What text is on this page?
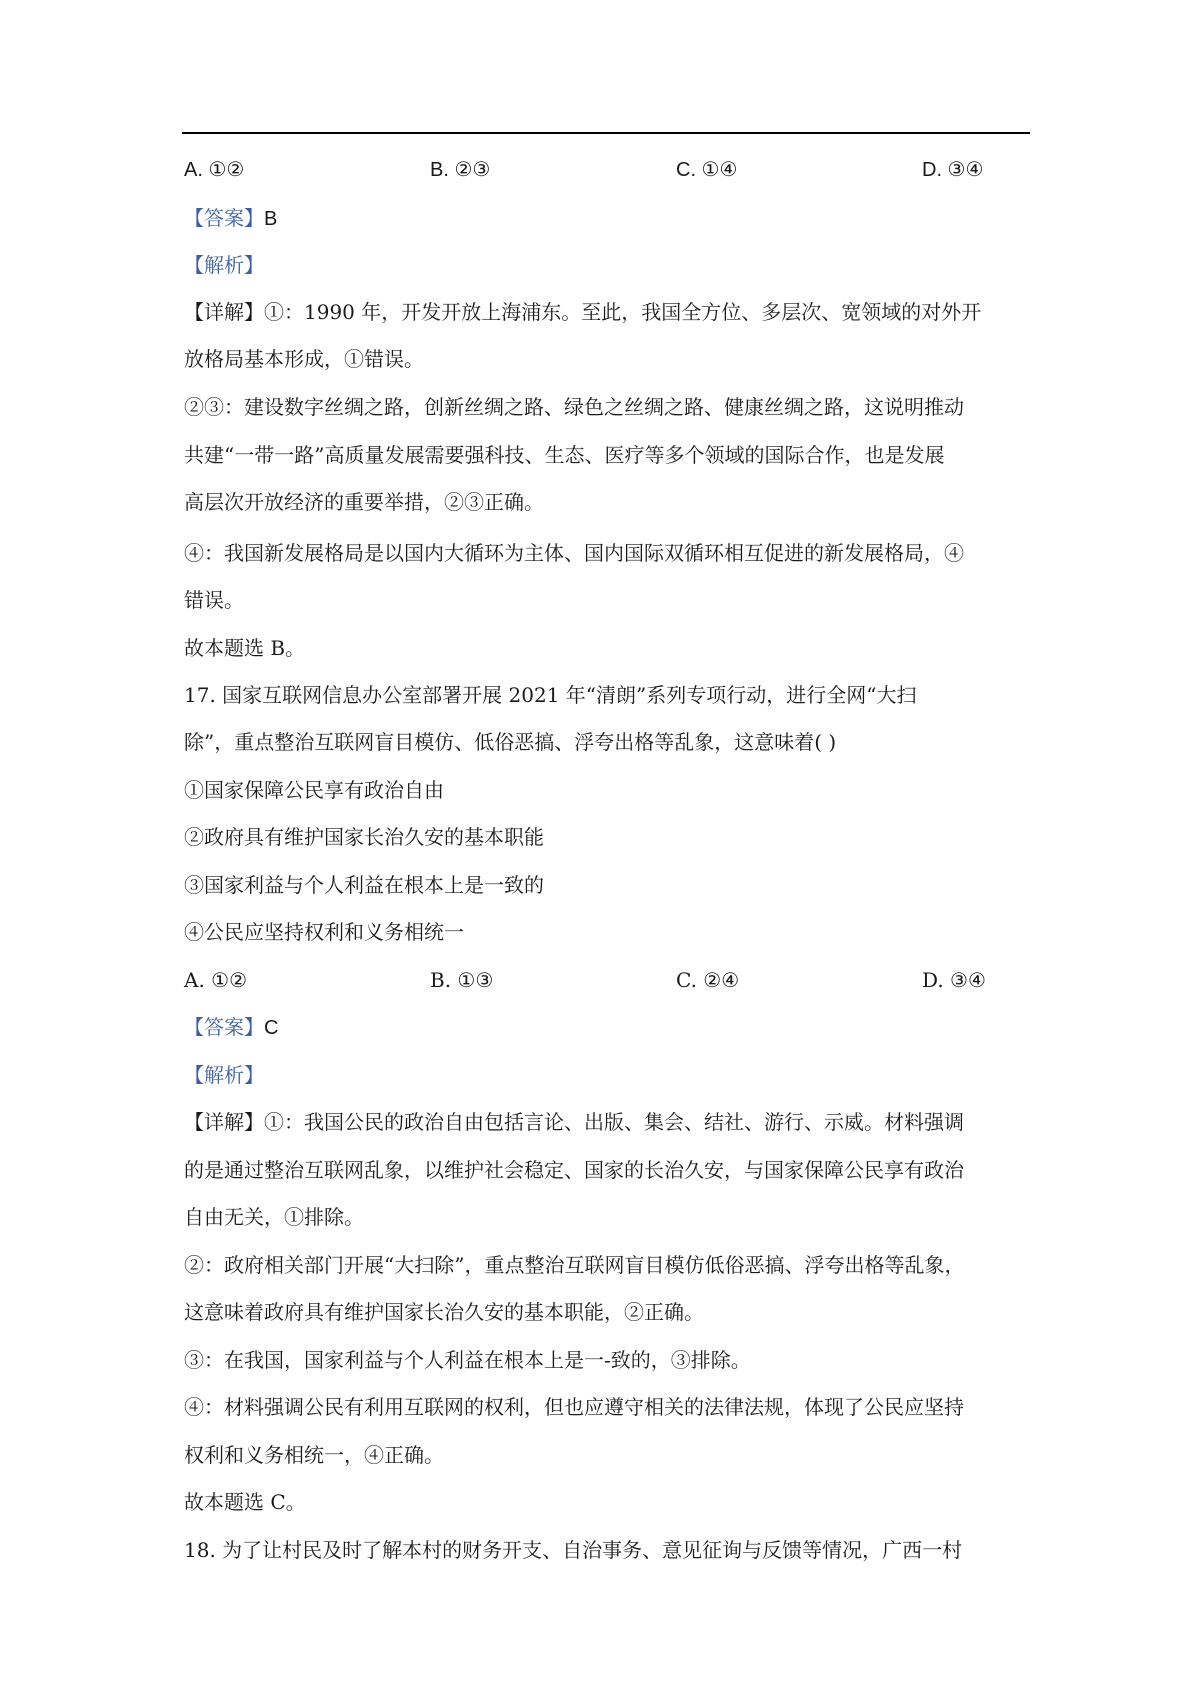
A. ①②	B. ②③	C. ①④	D. ③④
【答案】B
【解析】
【详解】①：1990 年，开发开放上海浦东。至此，我国全方位、多层次、宽领域的对外开
放格局基本形成，①错误。
②③：建设数字丝绸之路，创新丝绸之路、绿色之丝绸之路、健康丝绸之路，这说明推动
共建“一带一路”高质量发展需要强科技、生态、医疗等多个领域的国际合作，也是发展
高层次开放经济的重要举措，②③正确。
④：我国新发展格局是以国内大循环为主体、国内国际双循环相互促进的新发展格局，④
错误。
故本题选 B。
17. 国家互联网信息办公室部署开展 2021 年“清朗”系列专项行动，进行全网“大扫
除”，重点整治互联网盲目模仿、低俗恶搞、浮夸出格等乱象，这意味着( )
①国家保障公民享有政治自由
②政府具有维护国家长治久安的基本职能
③国家利益与个人利益在根本上是一致的
④公民应坚持权利和义务相统一
A. ①②	B. ①③	C. ②④	D. ③④
【答案】C
【解析】
【详解】①：我国公民的政治自由包括言论、出版、集会、结社、游行、示威。材料强调
的是通过整治互联网乱象，以维护社会稳定、国家的长治久安，与国家保障公民享有政治
自由无关，①排除。
②：政府相关部门开展“大扫除”，重点整治互联网盲目模仿低俗恶搞、浮夸出格等乱象，
这意味着政府具有维护国家长治久安的基本职能，②正确。
③：在我国，国家利益与个人利益在根本上是一-致的，③排除。
④：材料强调公民有利用互联网的权利，但也应遵守相关的法律法规，体现了公民应坚持
权利和义务相统一，④正确。
故本题选 C。
18. 为了让村民及时了解本村的财务开支、自治事务、意见征询与反馈等情况，广西一村
